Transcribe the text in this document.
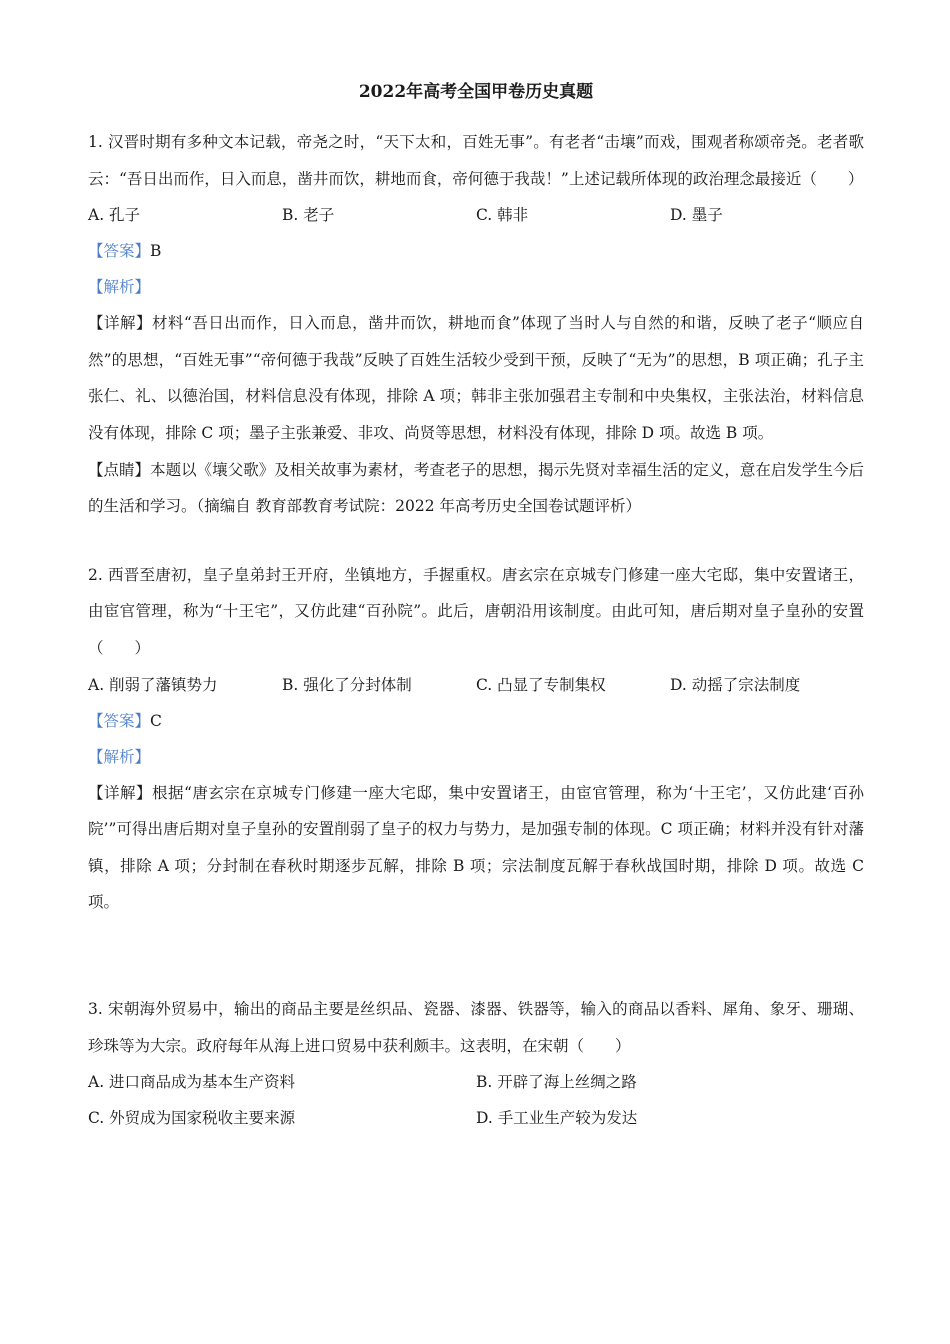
2022年高考全国甲卷历史真题

1. 汉晋时期有多种文本记载，帝尧之时，“天下太和，百姓无事”。有老者“击壤”而戏，围观者称颂帝尧。老者歌云：“吾日出而作，日入而息，凿井而饮，耕地而食，帝何德于我哉！”上述记载所体现的政治理念最接近（　　）

A. 孔子	B. 老子	C. 韩非	D. 墨子
【答案】B
【解析】

【详解】材料“吾日出而作，日入而息，凿井而饮，耕地而食”体现了当时人与自然的和谐，反映了老子“顺应自然”的思想，“百姓无事”“帝何德于我哉”反映了百姓生活较少受到干预，反映了“无为”的思想，B 项正确；孔子主张仁、礼、以德治国，材料信息没有体现，排除 A 项；韩非主张加强君主专制和中央集权，主张法治，材料信息没有体现，排除 C 项；墨子主张兼爱、非攻、尚贤等思想，材料没有体现，排除 D 项。故选 B 项。

【点睛】本题以《壤父歌》及相关故事为素材，考查老子的思想，揭示先贤对幸福生活的定义，意在启发学生今后的生活和学习。（摘编自 教育部教育考试院：2022 年高考历史全国卷试题评析）

2. 西晋至唐初，皇子皇弟封王开府，坐镇地方，手握重权。唐玄宗在京城专门修建一座大宅邸，集中安置诸王，由宦官管理，称为“十王宅”，又仿此建“百孙院”。此后，唐朝沿用该制度。由此可知，唐后期对皇子皇孙的安置（　　）

A. 削弱了藩镇势力	B. 强化了分封体制	C. 凸显了专制集权	D. 动摇了宗法制度
【答案】C
【解析】

【详解】根据“唐玄宗在京城专门修建一座大宅邸，集中安置诸王，由宦官管理，称为‘十王宅’，又仿此建‘百孙院’”可得出唐后期对皇子皇孙的安置削弱了皇子的权力与势力，是加强专制的体现。C 项正确；材料并没有针对藩镇，排除 A 项；分封制在春秋时期逐步瓦解，排除 B 项；宗法制度瓦解于春秋战国时期，排除 D 项。故选 C 项。

3. 宋朝海外贸易中，输出的商品主要是丝织品、瓷器、漆器、铁器等，输入的商品以香料、犀角、象牙、珊瑚、珍珠等为大宗。政府每年从海上进口贸易中获利颇丰。这表明，在宋朝（　　）

A. 进口商品成为基本生产资料	B. 开辟了海上丝绸之路
C. 外贸成为国家税收主要来源	D. 手工业生产较为发达
